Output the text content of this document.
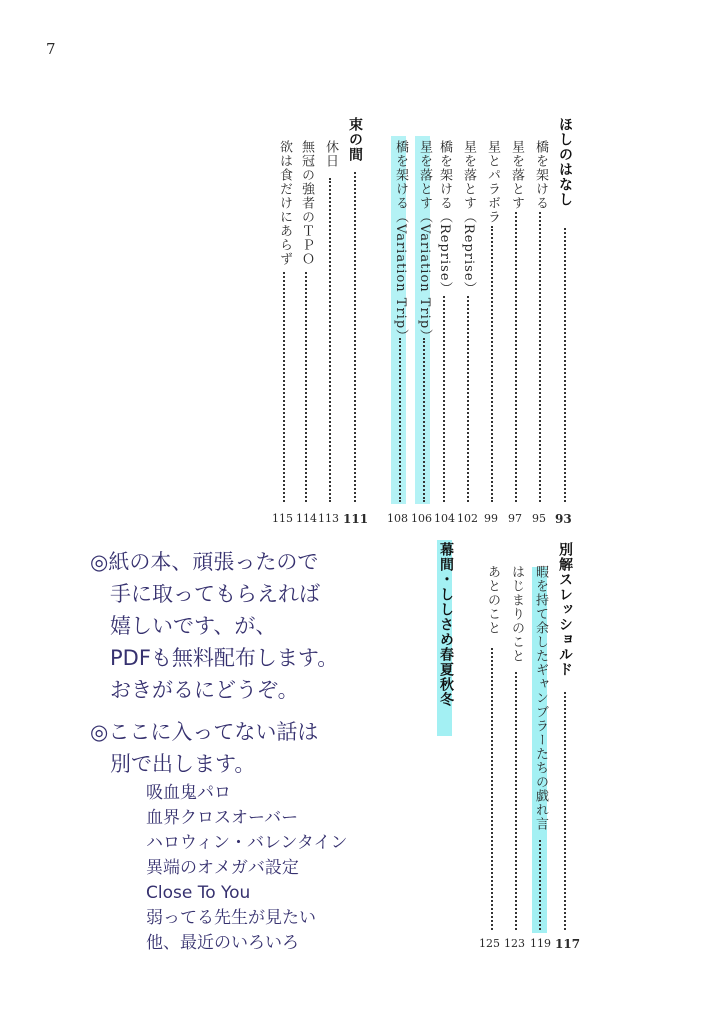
7
ほしのはなし
93
橋を架ける
95
星を落とす
97
星とパラボラ
99
星を落とす（Reprise）
102
橋を架ける（Reprise）
104
星を落とす（Variation Trip）
106
橋を架ける（Variation Trip）
108
束の間
111
休日
113
無冠の強者のＴＰＯ
114
欲は食だけにあらず
115
別解スレッショルド
117
暇を持て余したギャンブラーたちの戯れ言
119
はじまりのこと
123
あとのこと
125
幕間・ししさめ春夏秋冬
◎紙の本、頑張ったので
手に取ってもらえれば
嬉しいです、が、
PDFも無料配布します。
おきがるにどうぞ。
◎ここに入ってない話は
別で出します。
吸血鬼パロ
血界クロスオーバー
ハロウィン・バレンタイン
異端のオメガバ設定
Close To You
弱ってる先生が見たい
他、最近のいろいろ
